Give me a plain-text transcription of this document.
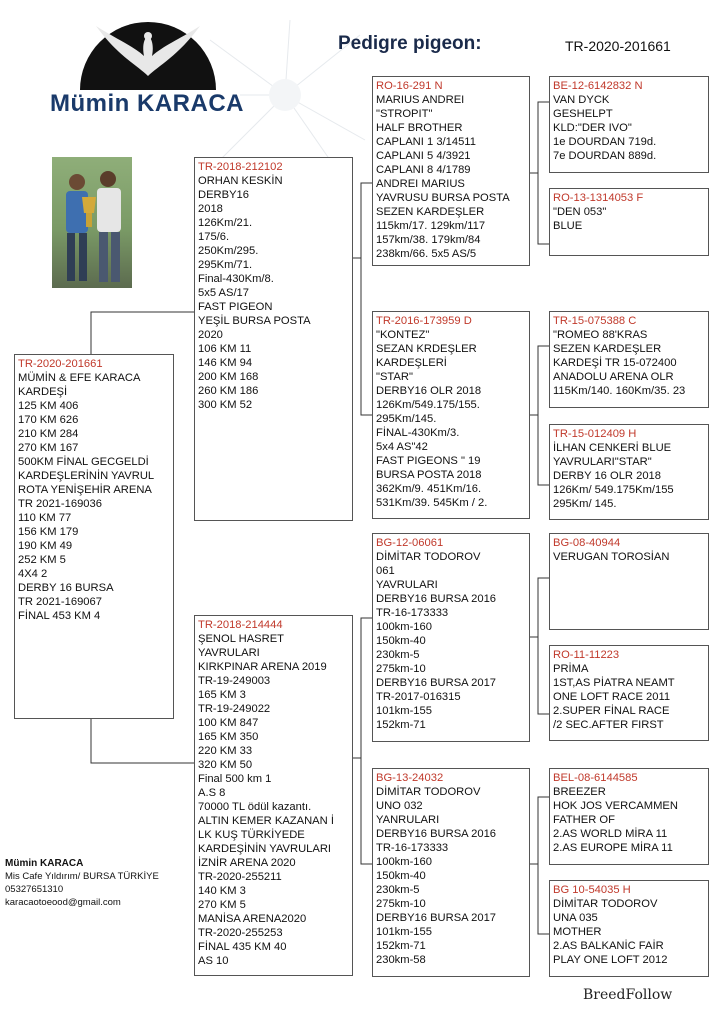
Mümin KARACA
Pedigre pigeon:	TR-2020-201661
Mümin KARACA
Mis Cafe Yıldırım/ BURSA TÜRKİYE
05327651310
karacaotoeood@gmail.com
BreedFollow
TR-2020-201661
MÜMİN & EFE KARACA
KARDEŞİ
125 KM 406
170 KM 626
210 KM 284
270 KM 167
500KM FİNAL GECGELDİ
KARDEŞLERİNİN YAVRUL
ROTA YENİŞEHİR ARENA
TR 2021-169036
110 KM 77
156 KM 179
190 KM 49
252 KM 5
4X4 2
DERBY 16 BURSA
TR 2021-169067
FİNAL 453 KM 4
TR-2018-212102
ORHAN KESKİN
DERBY16
2018
126Km/21.
175/6.
250Km/295.
295Km/71.
Final-430Km/8.
5x5 AS/17
FAST PIGEON
YEŞİL BURSA POSTA
2020
106 KM 11
146 KM 94
200 KM 168
260 KM 186
300 KM 52
TR-2018-214444
ŞENOL HASRET
YAVRULARI
KIRKPINAR ARENA 2019
TR-19-249003
165 KM 3
TR-19-249022
100 KM 847
165 KM 350
220 KM 33
320 KM 50
Final 500 km 1
A.S 8
70000 TL ödül kazantı.
ALTIN KEMER KAZANAN İ
LK KUŞ TÜRKİYEDE
KARDEŞİNİN YAVRULARI
İZNİR ARENA 2020
TR-2020-255211
140 KM 3
270 KM 5
MANİSA ARENA2020
TR-2020-255253
FİNAL 435 KM 40
AS 10
RO-16-291 N
MARIUS ANDREI
"STROPIT"
HALF BROTHER
CAPLANI 1 3/14511
CAPLANI 5 4/3921
CAPLANI 8 4/1789
ANDREI MARIUS
YAVRUSU BURSA POSTA
SEZEN KARDEŞLER
115km/17. 129km/117
157km/38. 179km/84
238km/66. 5x5 AS/5
TR-2016-173959 D
"KONTEZ"
SEZAN KRDEŞLER
KARDEŞLERİ
"STAR"
DERBY16 OLR 2018
126Km/549.175/155.
295Km/145.
FİNAL-430Km/3.
5x4 AS"42
FAST PIGEONS " 19
BURSA POSTA 2018
362Km/9. 451Km/16.
531Km/39. 545Km / 2.
BG-12-06061
DİMİTAR TODOROV
061
YAVRULARI
DERBY16 BURSA 2016
TR-16-173333
100km-160
150km-40
230km-5
275km-10
DERBY16 BURSA 2017
TR-2017-016315
101km-155
152km-71
BG-13-24032
DİMİTAR TODOROV
UNO 032
YANRULARI
DERBY16 BURSA 2016
TR-16-173333
100km-160
150km-40
230km-5
275km-10
DERBY16 BURSA 2017
101km-155
152km-71
230km-58
BE-12-6142832 N
VAN DYCK
GESHELPT
KLD:"DER IVO"
1e DOURDAN 719d.
7e DOURDAN 889d.
RO-13-1314053 F
"DEN 053"
BLUE
TR-15-075388 C
"ROMEO 88'KRAS
SEZEN KARDEŞLER
KARDEŞİ TR 15-072400
ANADOLU ARENA OLR
115Km/140. 160Km/35. 23
TR-15-012409 H
İLHAN CENKERİ BLUE
YAVRULARI"STAR"
DERBY 16 OLR 2018
126Km/ 549.175Km/155
295Km/ 145.
BG-08-40944
VERUGAN TOROSİAN
RO-11-11223
PRİMA
1ST,AS PİATRA NEAMT
ONE LOFT RACE 2011
2.SUPER FİNAL RACE
/2 SEC.AFTER FIRST
BEL-08-6144585
BREEZER
HOK JOS VERCAMMEN
FATHER OF
2.AS WORLD MİRA 11
2.AS EUROPE MİRA 11
BG 10-54035 H
DİMİTAR TODOROV
UNA 035
MOTHER
2.AS BALKANİC FAİR
PLAY ONE LOFT 2012
